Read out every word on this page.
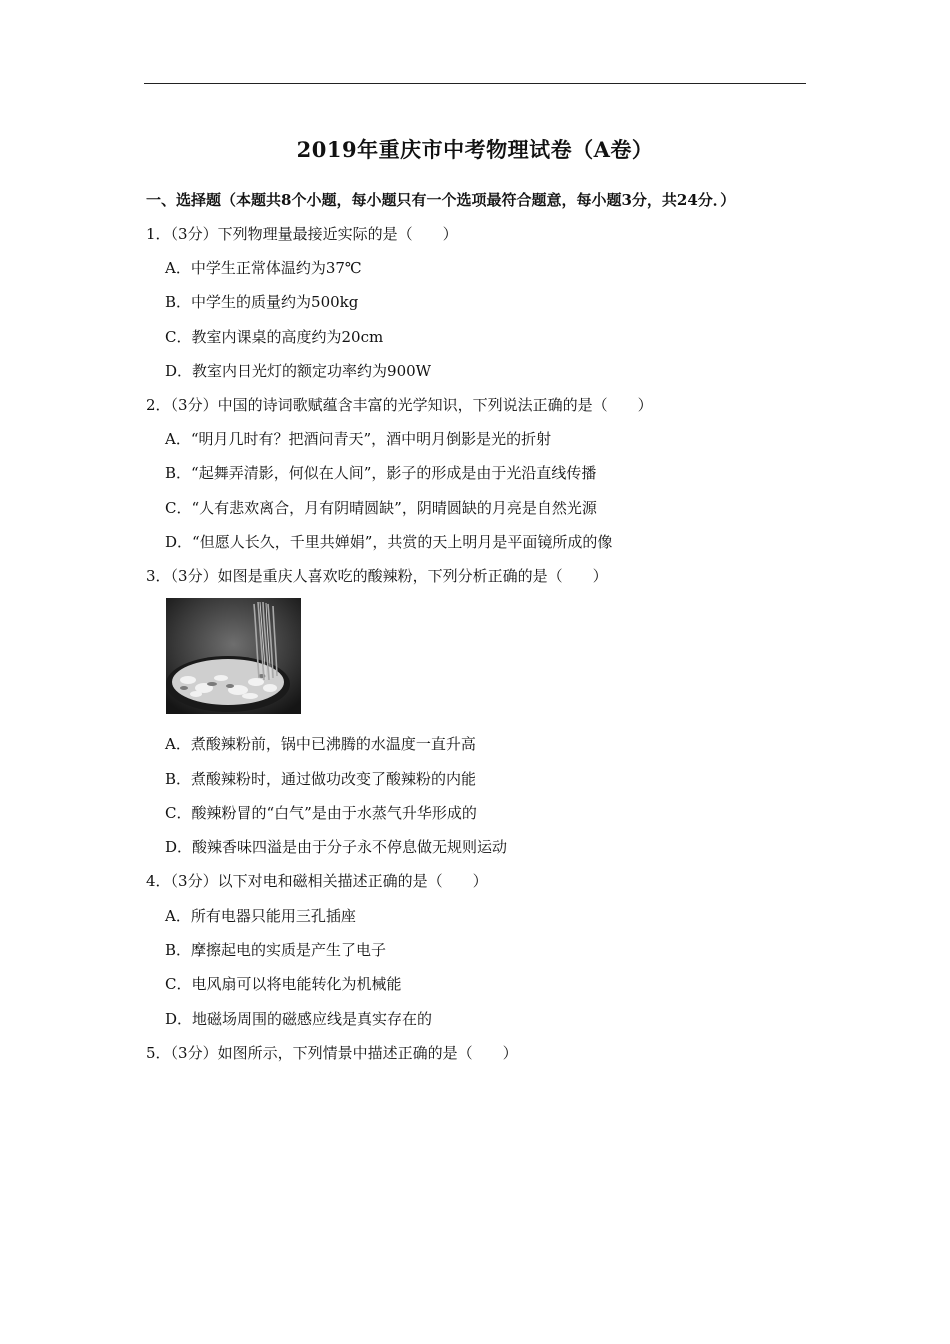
2019年重庆市中考物理试卷（A卷）
一、选择题（本题共8个小题，每小题只有一个选项最符合题意，每小题3分，共24分．）
1．（3分）下列物理量最接近实际的是（　　）
A．中学生正常体温约为37℃
B．中学生的质量约为500kg
C．教室内课桌的高度约为20cm
D．教室内日光灯的额定功率约为900W
2．（3分）中国的诗词歌赋蕴含丰富的光学知识，下列说法正确的是（　　）
A．“明月几时有？把酒问青天”，酒中明月倒影是光的折射
B．“起舞弄清影，何似在人间”，影子的形成是由于光沿直线传播
C．“人有悲欢离合，月有阴晴圆缺”，阴晴圆缺的月亮是自然光源
D．“但愿人长久，千里共婵娟”，共赏的天上明月是平面镜所成的像
3．（3分）如图是重庆人喜欢吃的酸辣粉，下列分析正确的是（　　）
A．煮酸辣粉前，锅中已沸腾的水温度一直升高
B．煮酸辣粉时，通过做功改变了酸辣粉的内能
C．酸辣粉冒的“白气”是由于水蒸气升华形成的
D．酸辣香味四溢是由于分子永不停息做无规则运动
4．（3分）以下对电和磁相关描述正确的是（　　）
A．所有电器只能用三孔插座
B．摩擦起电的实质是产生了电子
C．电风扇可以将电能转化为机械能
D．地磁场周围的磁感应线是真实存在的
5．（3分）如图所示，下列情景中描述正确的是（　　）
